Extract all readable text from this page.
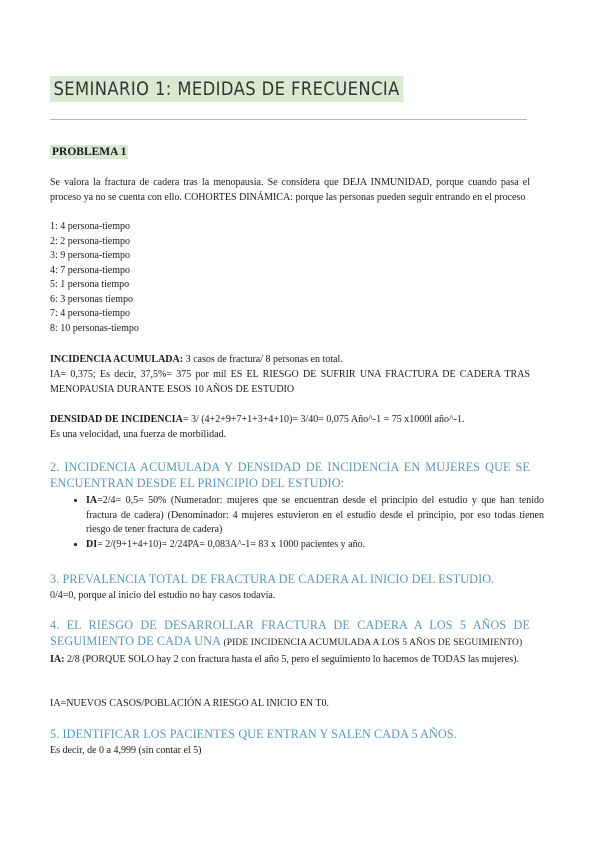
SEMINARIO 1: MEDIDAS DE FRECUENCIA
PROBLEMA 1

Se valora la fractura de cadera tras la menopausia. Se considera que DEJA INMUNIDAD, porque cuando pasa el proceso ya no se cuenta con ello. COHORTES DINÁMICA: porque las personas pueden seguir entrando en el proceso

1: 4 persona-tiempo
2: 2 persona-tiempo
3: 9 persona-tiempo
4: 7 persona-tiempo
5: 1 persona tiempo
6: 3 personas tiempo
7: 4 persona-tiempo
8: 10 personas-tiempo

INCIDENCIA ACUMULADA: 3 casos de fractura/ 8 personas en total.

IA= 0,375; Es decir, 37,5%= 375 por mil ES EL RIESGO DE SUFRIR UNA FRACTURA DE CADERA TRAS MENOPAUSIA DURANTE ESOS 10 AÑOS DE ESTUDIO

DENSIDAD DE INCIDENCIA= 3/ (4+2+9+7+1+3+4+10)= 3/40= 0,075 Año^-1 = 75 x1000l año^-1.

Es una velocidad, una fuerza de morbilidad.

2. INCIDENCIA ACUMULADA Y DENSIDAD DE INCIDENCIA EN MUJERES QUE SE ENCUENTRAN DESDE EL PRINCIPIO DEL ESTUDIO:

• IA=2/4= 0,5= 50% (Numerador: mujeres que se encuentran desde el principio del estudio y que han tenido fractura de cadera) (Denominador: 4 mujeres estuvieron en el estudio desde el principio, por eso todas tienen riesgo de tener fractura de cadera)
• DI= 2/(9+1+4+10)= 2/24PA= 0,083A^-1= 83 x 1000 pacientes y año.

3. PREVALENCIA TOTAL DE FRACTURA DE CADERA AL INICIO DEL ESTUDIO.

0/4=0, porque al inicio del estudio no hay casos todavía.

4. EL RIESGO DE DESARROLLAR FRACTURA DE CADERA A LOS 5 AÑOS DE SEGUIMIENTO DE CADA UNA (PIDE INCIDENCIA ACUMULADA A LOS 5 AÑOS DE SEGUIMIENTO)

IA: 2/8 (PORQUE SOLO hay 2 con fractura hasta el año 5, pero el seguimiento lo hacemos de TODAS las mujeres).

IA=NUEVOS CASOS/POBLACIÓN A RIESGO AL INICIO EN T0.

5. IDENTIFICAR LOS PACIENTES QUE ENTRAN Y SALEN CADA 5 AÑOS.

Es decir, de 0 a 4,999 (sin contar el 5)
